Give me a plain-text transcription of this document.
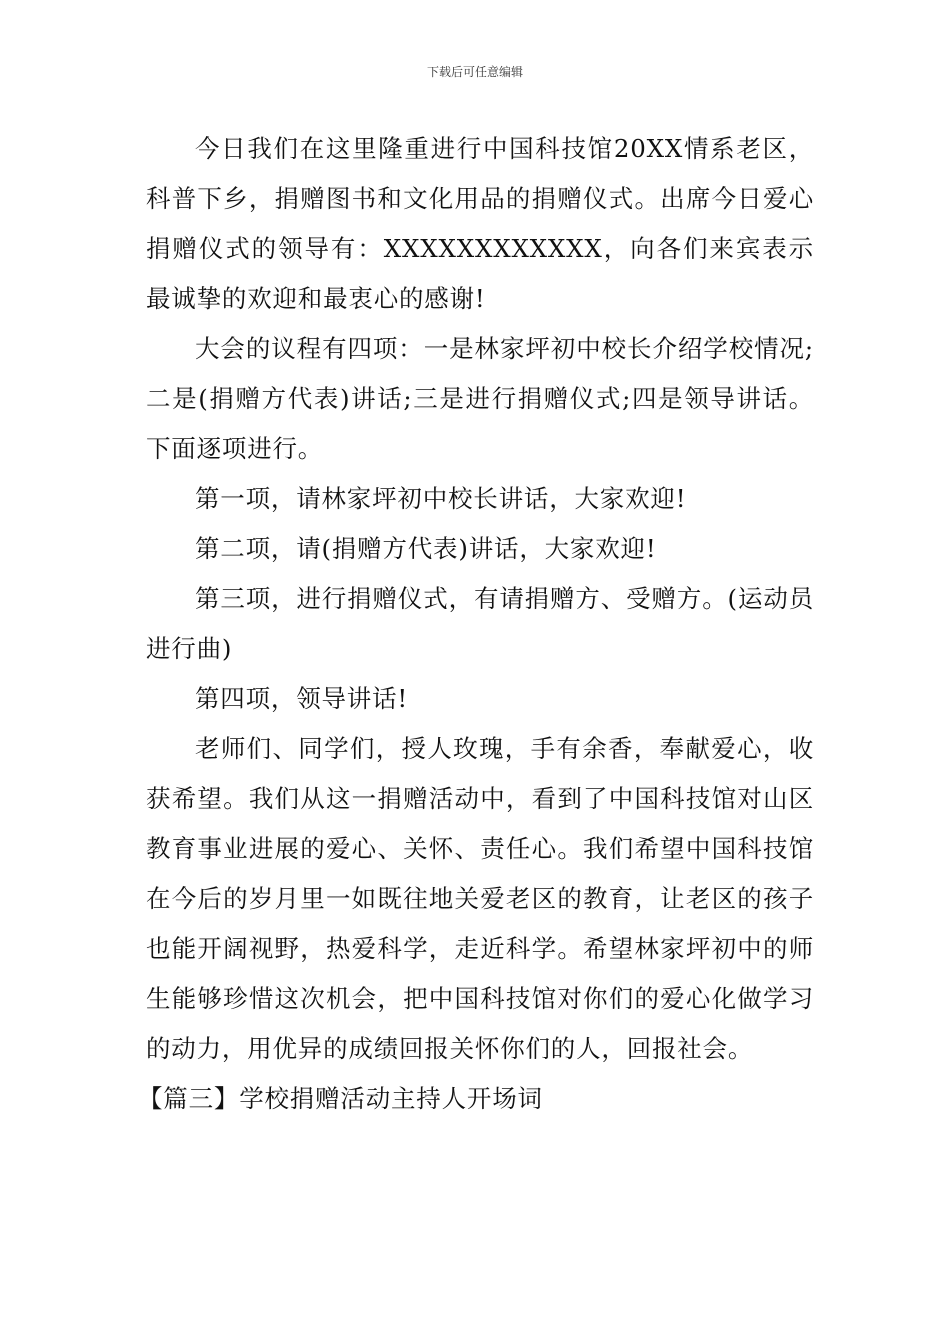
下载后可任意编辑

今日我们在这里隆重进行中国科技馆20XX情系老区，科普下乡，捐赠图书和文化用品的捐赠仪式。出席今日爱心捐赠仪式的领导有：XXXXXXXXXXXX，向各们来宾表示最诚挚的欢迎和最衷心的感谢!

大会的议程有四项：一是林家坪初中校长介绍学校情况;二是(捐赠方代表)讲话;三是进行捐赠仪式;四是领导讲话。下面逐项进行。

第一项，请林家坪初中校长讲话，大家欢迎!

第二项，请(捐赠方代表)讲话，大家欢迎!

第三项，进行捐赠仪式，有请捐赠方、受赠方。(运动员进行曲)

第四项，领导讲话!

老师们、同学们，授人玫瑰，手有余香，奉献爱心，收获希望。我们从这一捐赠活动中，看到了中国科技馆对山区教育事业进展的爱心、关怀、责任心。我们希望中国科技馆在今后的岁月里一如既往地关爱老区的教育，让老区的孩子也能开阔视野，热爱科学，走近科学。希望林家坪初中的师生能够珍惜这次机会，把中国科技馆对你们的爱心化做学习的动力，用优异的成绩回报关怀你们的人，回报社会。

【篇三】学校捐赠活动主持人开场词
